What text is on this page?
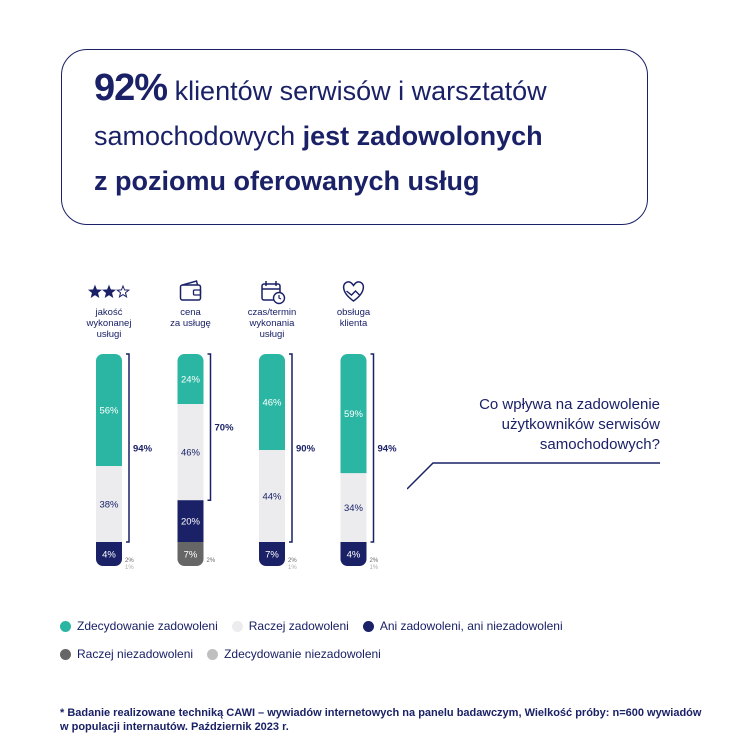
92% klientów serwisów i warsztatów
samochodowych jest zadowolonych
z poziomu oferowanych usług
jakość
wykonanej
usługi
56%
38%
4%
94%
2%
1%
cena
za usługę
24%
46%
20%
7%
70%
2%
czas/termin
wykonania
usługi
46%
44%
7%
90%
2%
1%
obsługa
klienta
59%
34%
4%
94%
2%
1%

Co wpływa na zadowolenie
użytkowników serwisów
samochodowych?

Zdecydowanie zadowoleni	Raczej zadowoleni	Ani zadowoleni, ani niezadowoleni
Raczej niezadowoleni	Zdecydowanie niezadowoleni

* Badanie realizowane techniką CAWI – wywiadów internetowych na panelu badawczym, Wielkość próby: n=600 wywiadów
w populacji internautów. Październik 2023 r.
